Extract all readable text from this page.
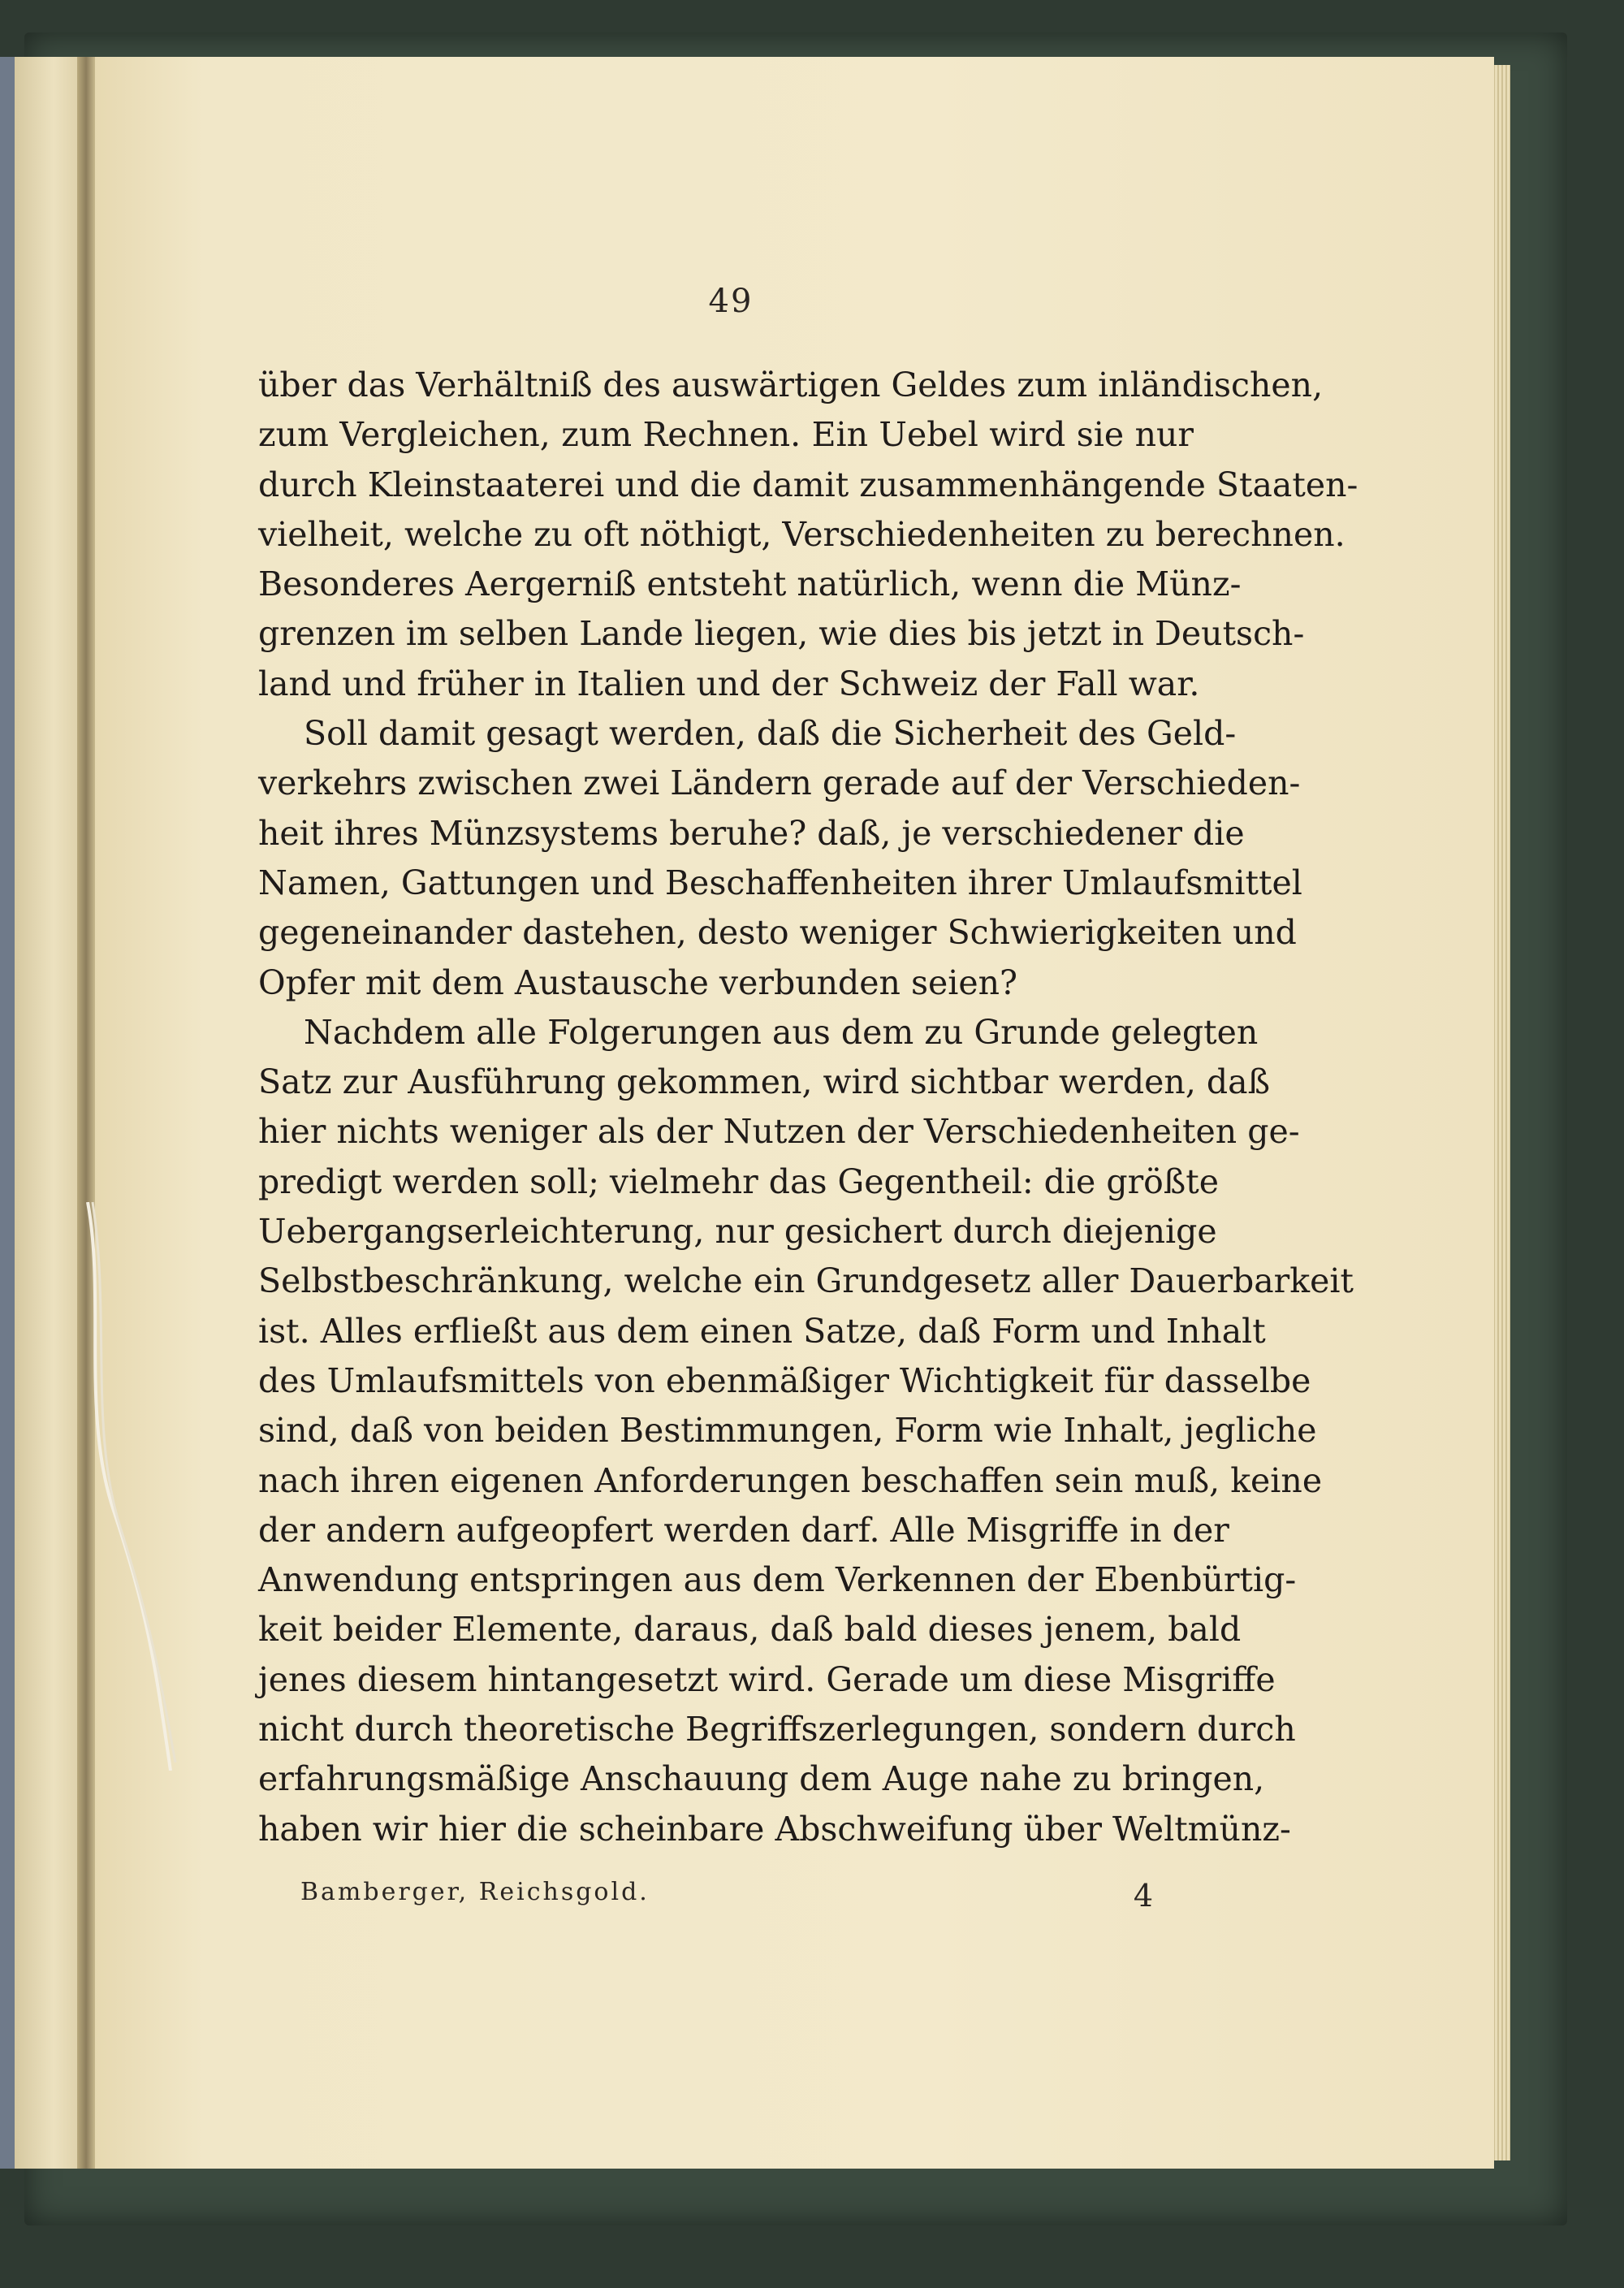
49
über das Verhältniß des auswärtigen Geldes zum inländischen,
zum Vergleichen, zum Rechnen. Ein Uebel wird sie nur
durch Kleinstaaterei und die damit zusammenhängende Staaten-
vielheit, welche zu oft nöthigt, Verschiedenheiten zu berechnen.
Besonderes Aergerniß entsteht natürlich, wenn die Münz-
grenzen im selben Lande liegen, wie dies bis jetzt in Deutsch-
land und früher in Italien und der Schweiz der Fall war.
Soll damit gesagt werden, daß die Sicherheit des Geld-
verkehrs zwischen zwei Ländern gerade auf der Verschieden-
heit ihres Münzsystems beruhe? daß, je verschiedener die
Namen, Gattungen und Beschaffenheiten ihrer Umlaufsmittel
gegeneinander dastehen, desto weniger Schwierigkeiten und
Opfer mit dem Austausche verbunden seien?
Nachdem alle Folgerungen aus dem zu Grunde gelegten
Satz zur Ausführung gekommen, wird sichtbar werden, daß
hier nichts weniger als der Nutzen der Verschiedenheiten ge-
predigt werden soll; vielmehr das Gegentheil: die größte
Uebergangserleichterung, nur gesichert durch diejenige
Selbstbeschränkung, welche ein Grundgesetz aller Dauerbarkeit
ist. Alles erfließt aus dem einen Satze, daß Form und Inhalt
des Umlaufsmittels von ebenmäßiger Wichtigkeit für dasselbe
sind, daß von beiden Bestimmungen, Form wie Inhalt, jegliche
nach ihren eigenen Anforderungen beschaffen sein muß, keine
der andern aufgeopfert werden darf. Alle Misgriffe in der
Anwendung entspringen aus dem Verkennen der Ebenbürtig-
keit beider Elemente, daraus, daß bald dieses jenem, bald
jenes diesem hintangesetzt wird. Gerade um diese Misgriffe
nicht durch theoretische Begriffszerlegungen, sondern durch
erfahrungsmäßige Anschauung dem Auge nahe zu bringen,
haben wir hier die scheinbare Abschweifung über Weltmünz-
Bamberger, Reichsgold.	4
